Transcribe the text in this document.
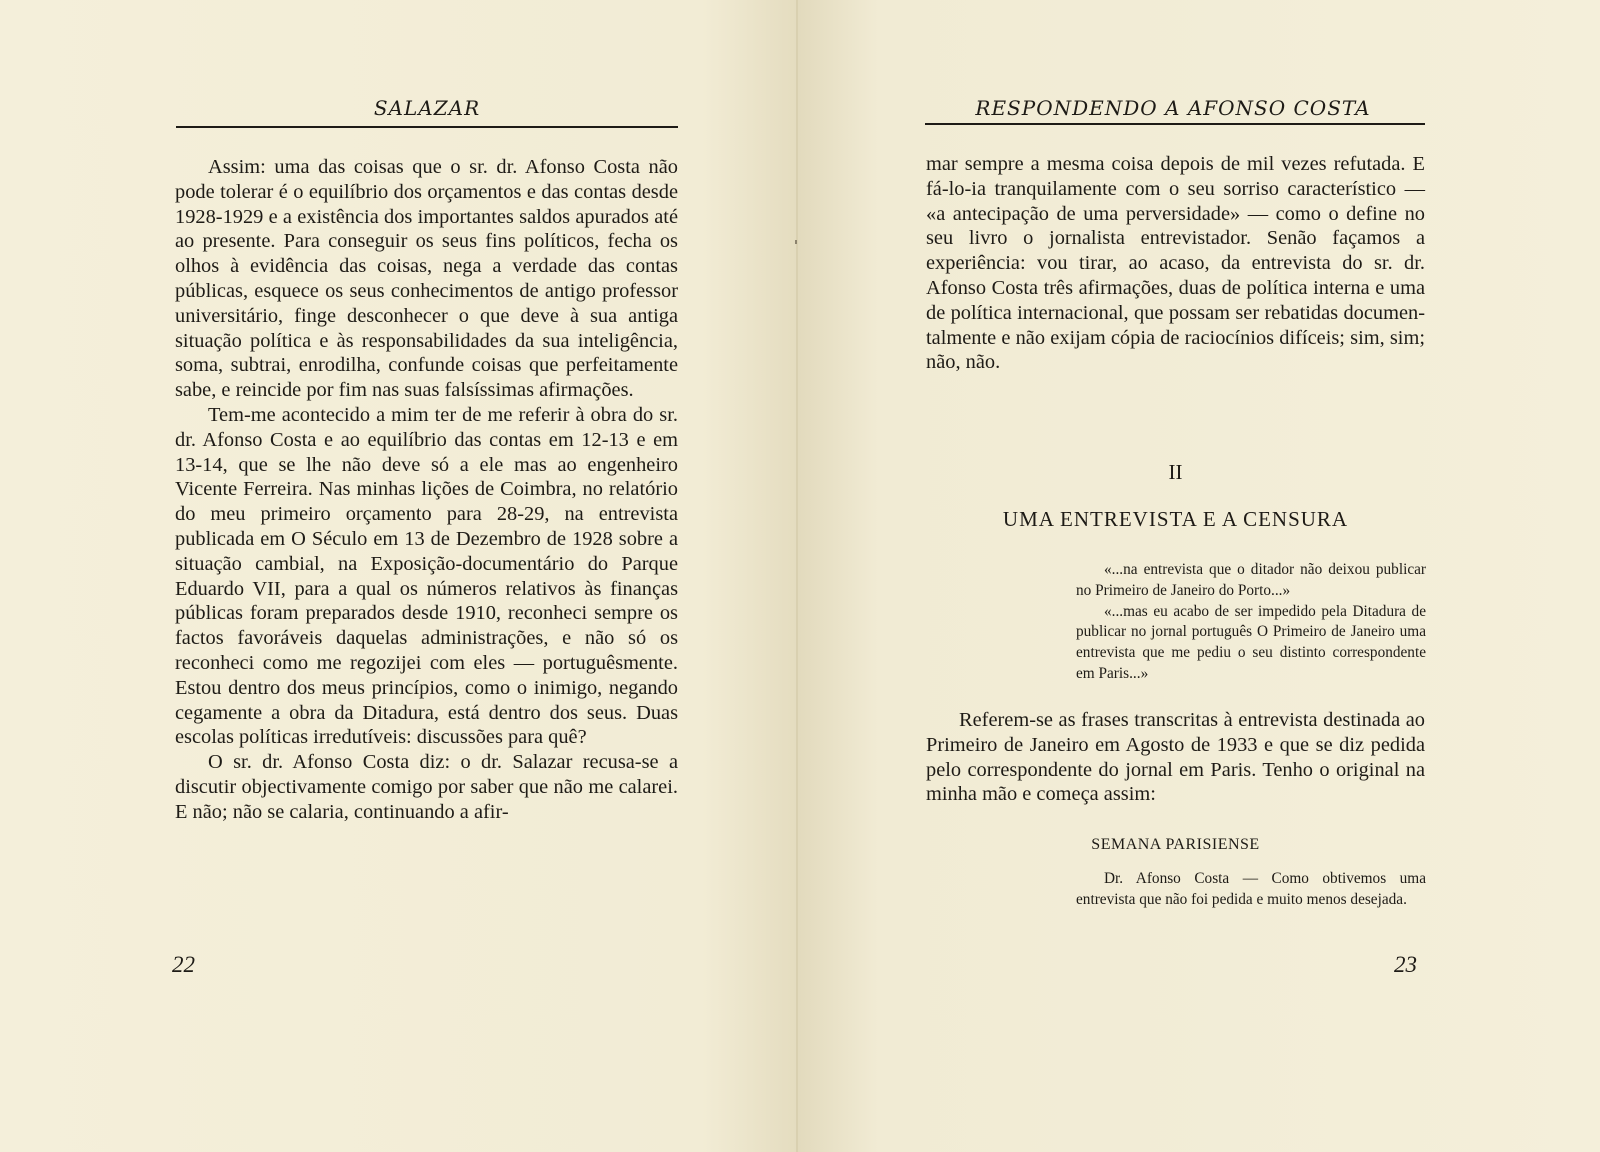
SALAZAR

Assim: uma das coisas que o sr. dr. Afonso Costa não pode tolerar é o equilíbrio dos orçamentos e das contas desde 1928-1929 e a existência dos importantes saldos apurados até ao presente. Para conseguir os seus fins políticos, fecha os olhos à evidência das coisas, nega a verdade das contas públicas, esquece os seus conhecimentos de antigo professor universitário, finge desconhecer o que deve à sua antiga situação política e às responsabilidades da sua inteligência, soma, subtrai, enrodilha, confunde coisas que perfeitamente sabe, e reincide por fim nas suas falsíssimas afirmações.

Tem-me acontecido a mim ter de me referir à obra do sr. dr. Afonso Costa e ao equilíbrio das contas em 12-13 e em 13-14, que se lhe não deve só a ele mas ao engenheiro Vicente Ferreira. Nas minhas lições de Coimbra, no relatório do meu primeiro orçamento para 28-29, na entrevista publicada em O Século em 13 de Dezembro de 1928 sobre a situação cambial, na Exposição-documentário do Parque Eduardo VII, para a qual os números relativos às finanças públicas foram preparados desde 1910, reconheci sempre os factos favoráveis daquelas administrações, e não só os reconheci como me regozijei com eles — portuguêsmente. Estou dentro dos meus princípios, como o inimigo, negando cegamente a obra da Ditadura, está dentro dos seus. Duas escolas políticas irredutíveis: discussões para quê?

O sr. dr. Afonso Costa diz: o dr. Salazar recusa-se a discutir objectivamente comigo por saber que não me calarei. E não; não se calaria, continuando a afir-

22
RESPONDENDO A AFONSO COSTA

mar sempre a mesma coisa depois de mil vezes refutada. E fá-lo-ia tranquilamente com o seu sorriso característico — «a antecipação de uma perversidade» — como o define no seu livro o jornalista entrevistador. Senão façamos a experiência: vou tirar, ao acaso, da entrevista do sr. dr. Afonso Costa três afirmações, duas de política interna e uma de política internacional, que possam ser rebatidas documentalmente e não exijam cópia de raciocínios difíceis; sim, sim; não, não.

II
UMA ENTREVISTA E A CENSURA

«...na entrevista que o ditador não deixou publicar no Primeiro de Janeiro do Porto...»

«...mas eu acabo de ser impedido pela Ditadura de publicar no jornal português O Primeiro de Janeiro uma entrevista que me pediu o seu distinto correspondente em Paris...»

Referem-se as frases transcritas à entrevista destinada ao Primeiro de Janeiro em Agosto de 1933 e que se diz pedida pelo correspondente do jornal em Paris. Tenho o original na minha mão e começa assim:

SEMANA PARISIENSE

Dr. Afonso Costa — Como obtivemos uma entrevista que não foi pedida e muito menos desejada.

23
